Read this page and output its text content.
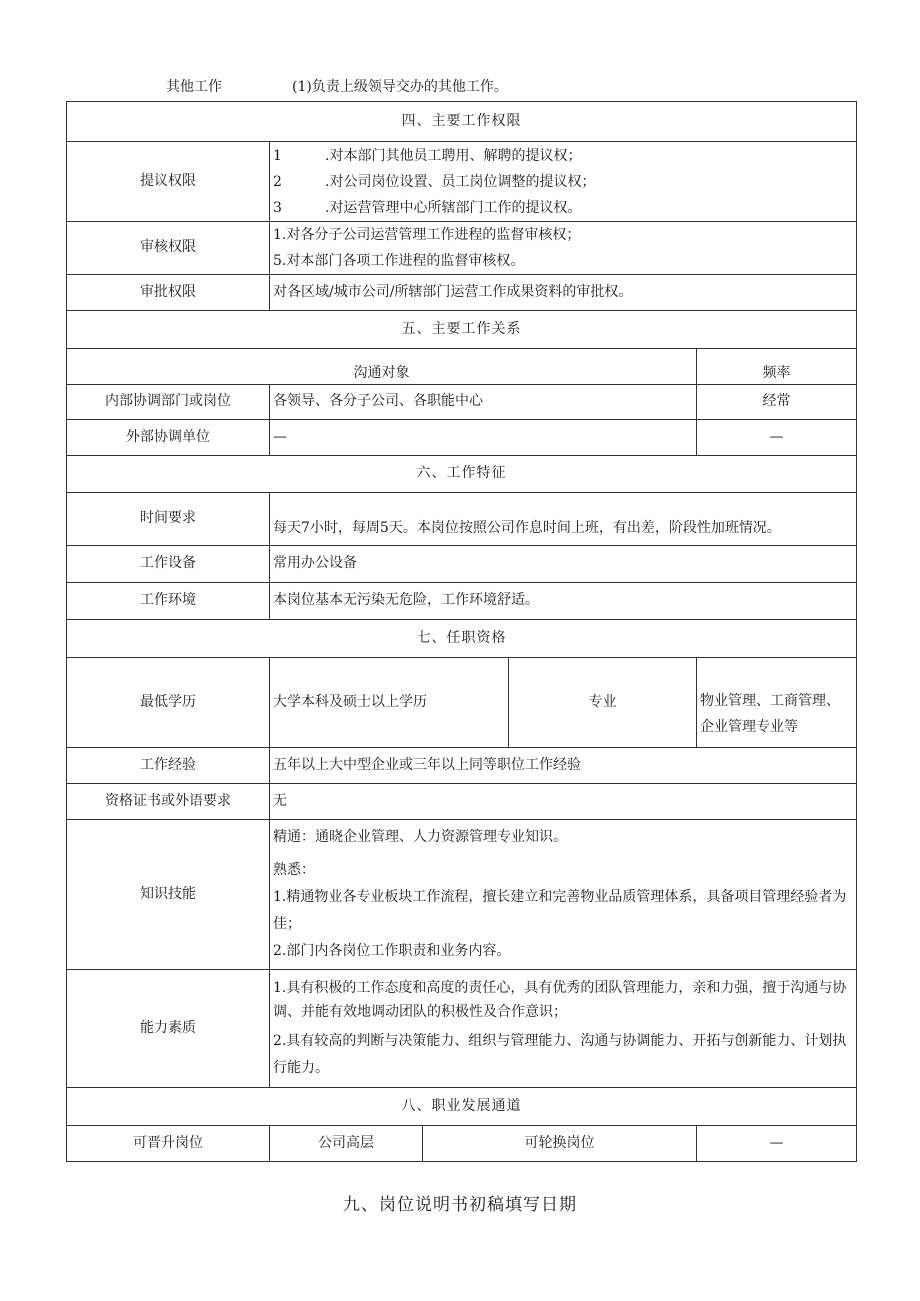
其他工作	(1)负责上级领导交办的其他工作。
四、主要工作权限				
提议权限	1 .对本部门其他员工聘用、解聘的提议权；
2 .对公司岗位设置、员工岗位调整的提议权；
3 .对运营管理中心所辖部门工作的提议权。			

审核权限	1.对各分子公司运营管理工作进程的监督审核权；
5.对本部门各项工作进程的监督审核权。			

审批权限	对各区域/城市公司/所辖部门运营工作成果资料的审批权。			
五、主要工作关系				
沟通对象				频率
内部协调部门或岗位	各领导、各分子公司、各职能中心			经常
外部协调单位	—			—
六、工作特征				
时间要求	每天7小时，每周5天。本岗位按照公司作息时间上班，有出差，阶段性加班情况。			
工作设备	常用办公设备			
工作环境	本岗位基本无污染无危险，工作环境舒适。			
七、任职资格				
最低学历	大学本科及硕士以上学历		专业	物业管理、工商管理、
企业管理专业等

工作经验	五年以上大中型企业或三年以上同等职位工作经验			
资格证书或外语要求	无			
知识技能	精通：通晓企业管理、人力资源管理专业知识。
熟悉：
1.精通物业各专业板块工作流程，擅长建立和完善物业品质管理体系，具备项目管理经验者为佳；
2.部门内各岗位工作职责和业务内容。			

能力素质	1.具有积极的工作态度和高度的责任心，具有优秀的团队管理能力，亲和力强，擅于沟通与协调、并能有效地调动团队的积极性及合作意识；
2.具有较高的判断与决策能力、组织与管理能力、沟通与协调能力、开拓与创新能力、计划执行能力。			

八、职业发展通道				
可晋升岗位	公司高层	可轮换岗位		—
九、岗位说明书初稿填写日期
